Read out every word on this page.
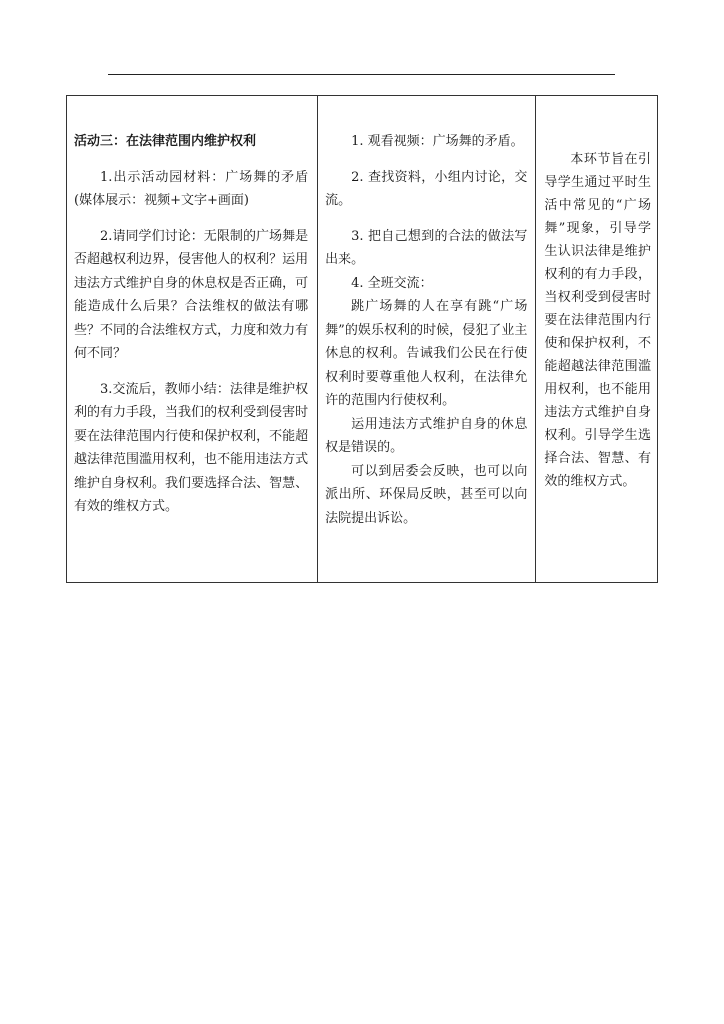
活动三：在法律范围内维护权利

1.出示活动园材料：广场舞的矛盾 (媒体展示：视频+文字+画面)

2.请同学们讨论：无限制的广场舞是否超越权利边界，侵害他人的权利？运用违法方式维护自身的休息权是否正确，可能造成什么后果？合法维权的做法有哪些？不同的合法维权方式，力度和效力有何不同？

3.交流后，教师小结：法律是维护权利的有力手段，当我们的权利受到侵害时要在法律范围内行使和保护权利，不能超越法律范围滥用权利，也不能用违法方式维护自身权利。我们要选择合法、智慧、有效的维权方式。

1. 观看视频：广场舞的矛盾。

2. 查找资料，小组内讨论，交流。

3. 把自己想到的合法的做法写出来。

4. 全班交流：

跳广场舞的人在享有跳“广场舞”的娱乐权利的时候，侵犯了业主休息的权利。告诫我们公民在行使权利时要尊重他人权利，在法律允许的范围内行使权利。

运用违法方式维护自身的休息权是错误的。

可以到居委会反映，也可以向派出所、环保局反映，甚至可以向法院提出诉讼。

本环节旨在引导学生通过平时生活中常见的“广场舞”现象，引导学生认识法律是维护权利的有力手段，当权利受到侵害时要在法律范围内行使和保护权利，不能超越法律范围滥用权利，也不能用违法方式维护自身权利。引导学生选择合法、智慧、有效的维权方式。
